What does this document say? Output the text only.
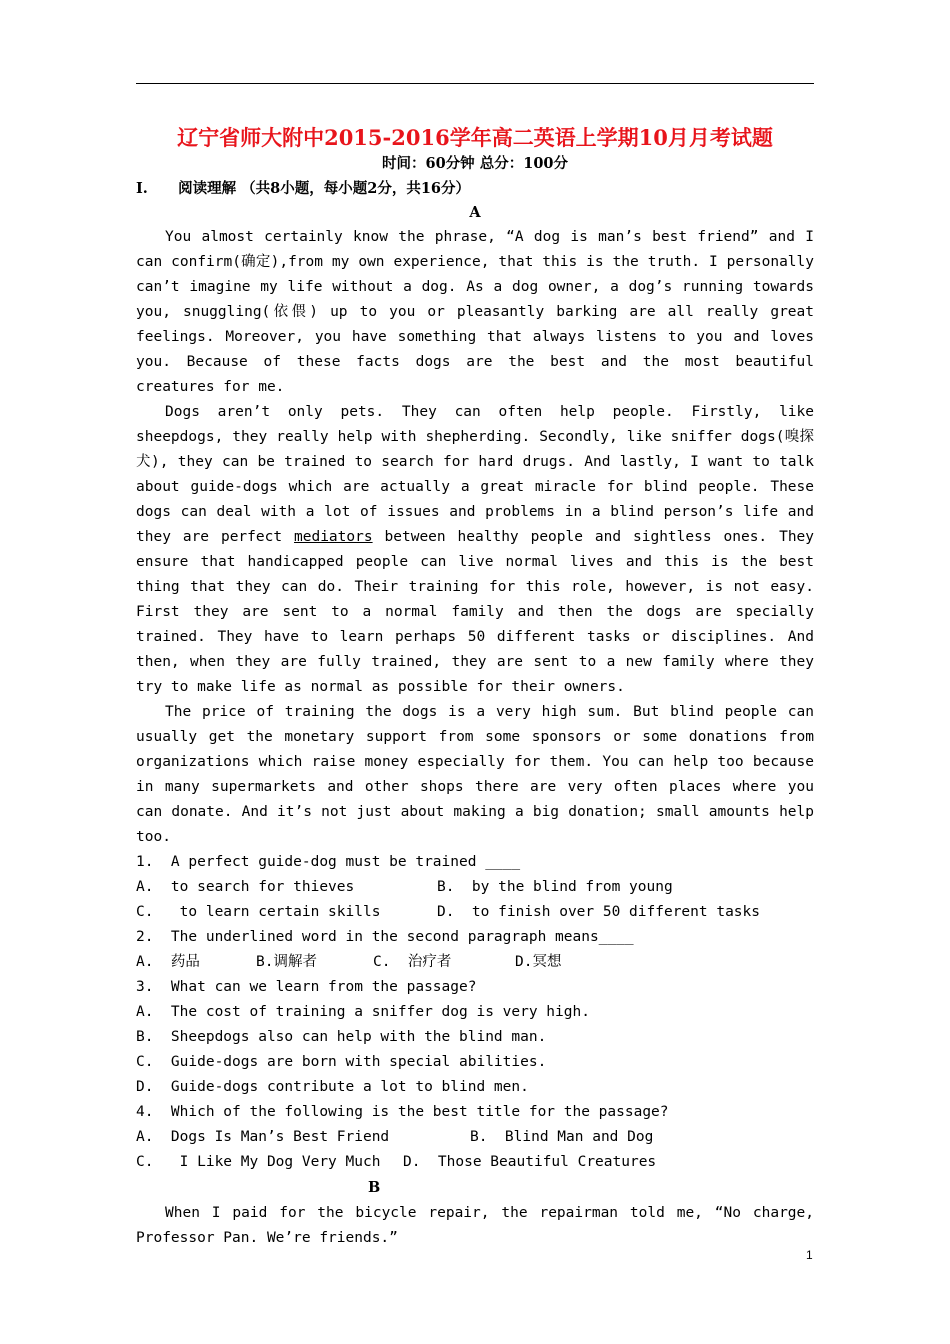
辽宁省师大附中2015-2016学年高二英语上学期10月月考试题
时间：60分钟 总分：100分
I.      阅读理解 （共8小题，每小题2分，共16分）
A

You almost certainly know the phrase, “A dog is man’s best friend” and I can confirm(确定),from my own experience, that this is the truth. I personally can’t imagine my life without a dog. As a dog owner, a dog’s running towards you, snuggling(依偎) up to you or pleasantly barking are all really great feelings. Moreover, you have something that always listens to you and loves you. Because of these facts dogs are the best and the most beautiful creatures for me.

Dogs aren’t only pets. They can often help people. Firstly, like sheepdogs, they really help with shepherding. Secondly, like sniffer dogs(嗅探犬), they can be trained to search for hard drugs. And lastly, I want to talk about guide-dogs which are actually a great miracle for blind people. These dogs can deal with a lot of issues and problems in a blind person’s life and they are perfect mediators between healthy people and sightless ones. They ensure that handicapped people can live normal lives and this is the best thing that they can do. Their training for this role, however, is not easy. First they are sent to a normal family and then the dogs are specially trained. They have to learn perhaps 50 different tasks or disciplines. And then, when they are fully trained, they are sent to a new family where they try to make life as normal as possible for their owners.

The price of training the dogs is a very high sum. But blind people can usually get the monetary support from some sponsors or some donations from organizations which raise money especially for them. You can help too because in many supermarkets and other shops there are very often places where you can donate. And it’s not just about making a big donation; small amounts help too.

1.  A perfect guide-dog must be trained ____
A.  to search for thieves	B.  by the blind from young
C.   to learn certain skills	D.  to finish over 50 different tasks
2.  The underlined word in the second paragraph means____
A.  药品	B.调解者	C.  治疗者	D.冥想
3.  What can we learn from the passage?
A.  The cost of training a sniffer dog is very high.
B.  Sheepdogs also can help with the blind man.
C.  Guide-dogs are born with special abilities.
D.  Guide-dogs contribute a lot to blind men.
4.  Which of the following is the best title for the passage?
A.  Dogs Is Man’s Best Friend	B.  Blind Man and Dog
C.   I Like My Dog Very Much	D.  Those Beautiful Creatures
B

When I paid for the bicycle repair, the repairman told me, “No charge, Professor Pan. We’re friends.”

1
